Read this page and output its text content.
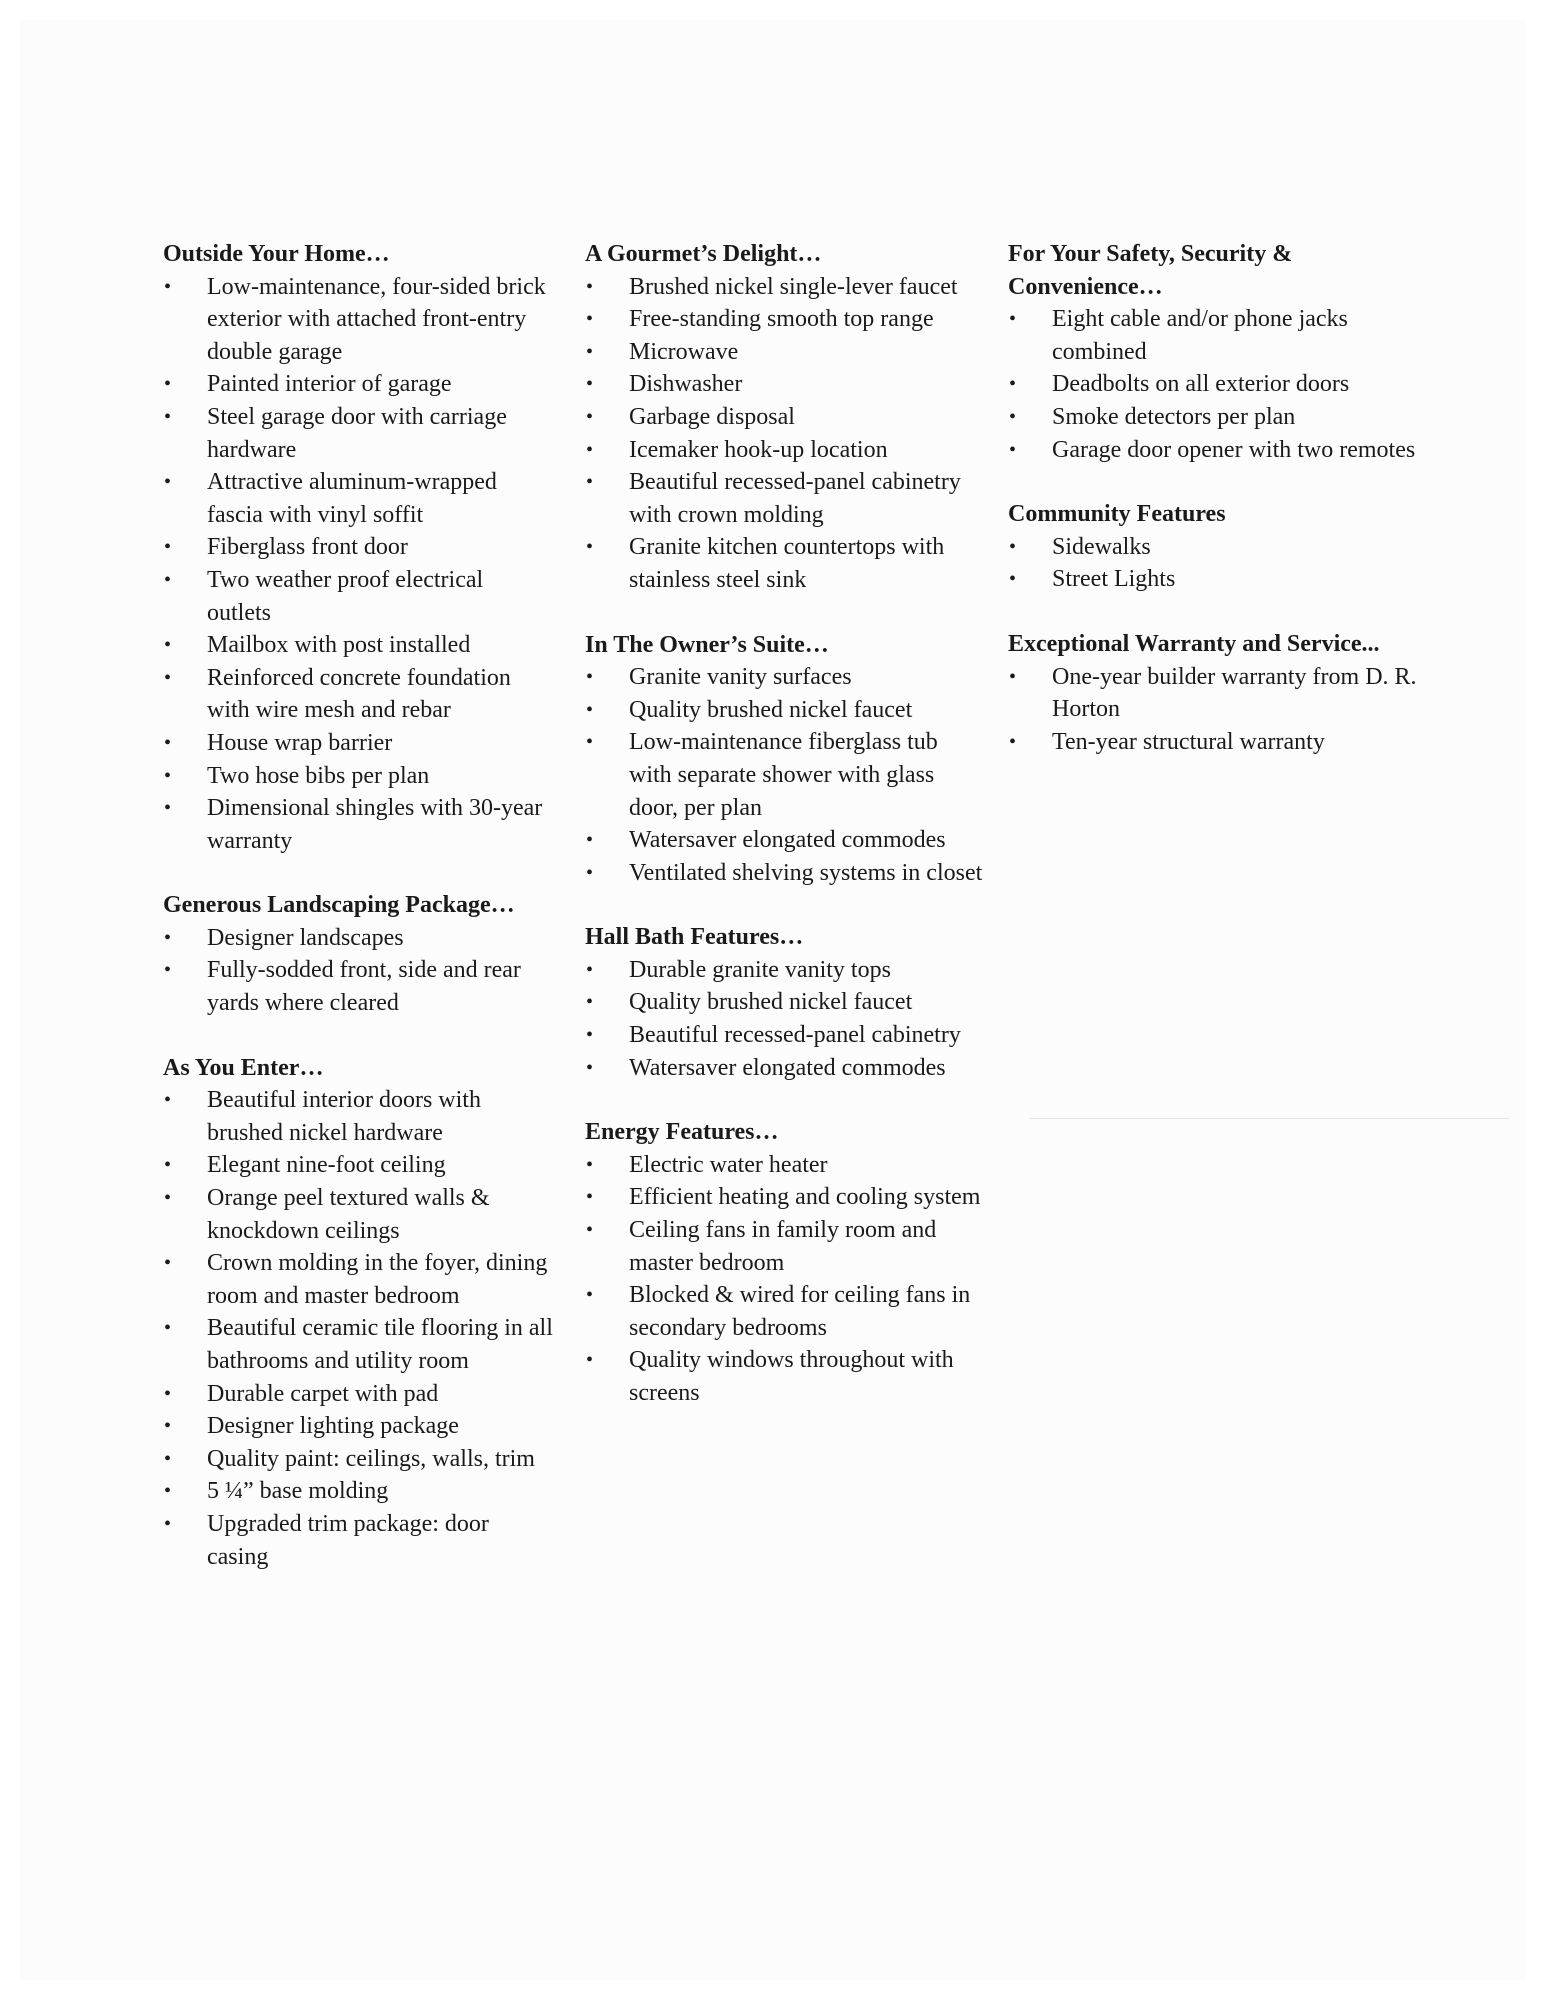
Outside Your Home…
• Low-maintenance, four-sided brick exterior with attached front-entry double garage
• Painted interior of garage
• Steel garage door with carriage hardware
• Attractive aluminum-wrapped fascia with vinyl soffit
• Fiberglass front door
• Two weather proof electrical outlets
• Mailbox with post installed
• Reinforced concrete foundation with wire mesh and rebar
• House wrap barrier
• Two hose bibs per plan
• Dimensional shingles with 30-year warranty
Generous Landscaping Package…
• Designer landscapes
• Fully-sodded front, side and rear yards where cleared
As You Enter…
• Beautiful interior doors with brushed nickel hardware
• Elegant nine-foot ceiling
• Orange peel textured walls & knockdown ceilings
• Crown molding in the foyer, dining room and master bedroom
• Beautiful ceramic tile flooring in all bathrooms and utility room
• Durable carpet with pad
• Designer lighting package
• Quality paint: ceilings, walls, trim
• 5 ¼” base molding
• Upgraded trim package: door casing
A Gourmet’s Delight…
• Brushed nickel single-lever faucet
• Free-standing smooth top range
• Microwave
• Dishwasher
• Garbage disposal
• Icemaker hook-up location
• Beautiful recessed-panel cabinetry with crown molding
• Granite kitchen countertops with stainless steel sink
In The Owner’s Suite…
• Granite vanity surfaces
• Quality brushed nickel faucet
• Low-maintenance fiberglass tub with separate shower with glass door, per plan
• Watersaver elongated commodes
• Ventilated shelving systems in closet
Hall Bath Features…
• Durable granite vanity tops
• Quality brushed nickel faucet
• Beautiful recessed-panel cabinetry
• Watersaver elongated commodes
Energy Features…
• Electric water heater
• Efficient heating and cooling system
• Ceiling fans in family room and master bedroom
• Blocked & wired for ceiling fans in secondary bedrooms
• Quality windows throughout with screens
For Your Safety, Security & Convenience…
• Eight cable and/or phone jacks combined
• Deadbolts on all exterior doors
• Smoke detectors per plan
• Garage door opener with two remotes
Community Features
• Sidewalks
• Street Lights
Exceptional Warranty and Service...
• One-year builder warranty from D. R. Horton
• Ten-year structural warranty
